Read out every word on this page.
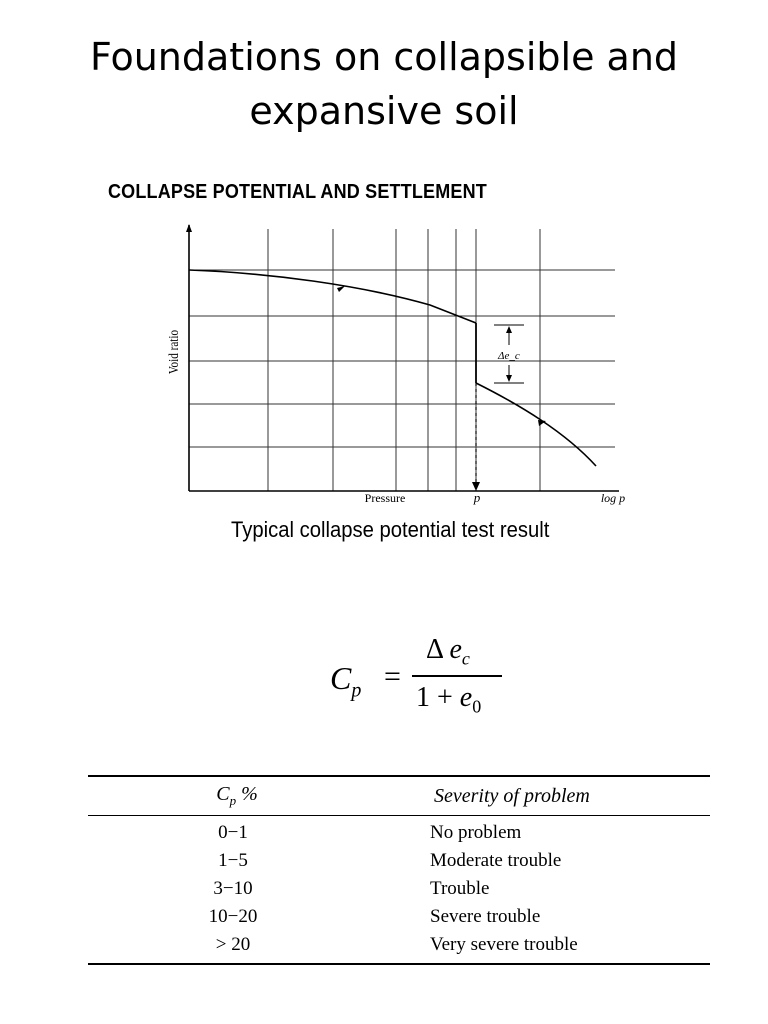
Foundations on collapsible and
expansive soil
COLLAPSE POTENTIAL AND SETTLEMENT
Void ratio
Pressure	p	log p
Δe_c
Typical collapse potential test result
$C_p$ =
Δ $e_c$
$1 + e_0$
$C_p$ %	Severity of problem
0−1	No problem
1−5	Moderate trouble
3−10	Trouble
10−20	Severe trouble
> 20	Very severe trouble
